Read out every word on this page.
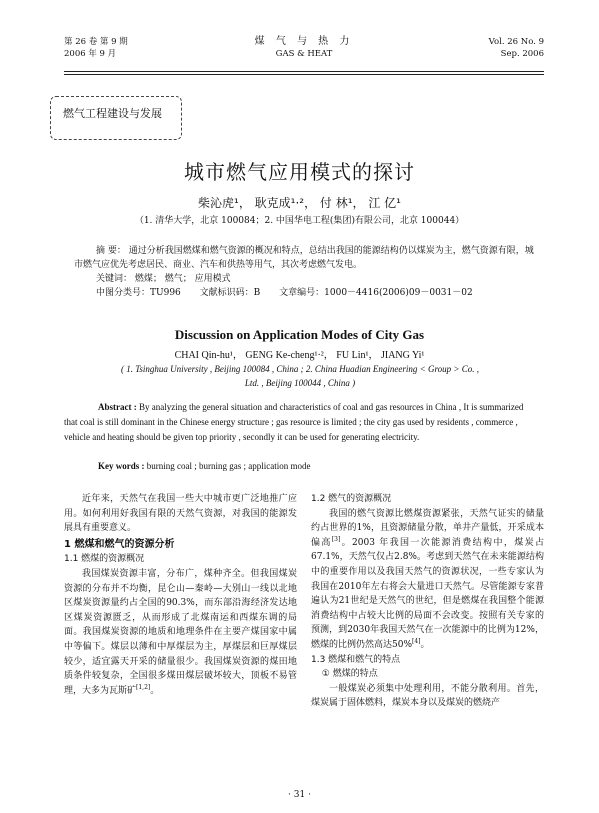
第 26 卷 第 9 期
2006 年 9 月
煤 气 与 热 力
GAS & HEAT
Vol. 26 No. 9
Sep. 2006
燃气工程建设与发展
城市燃气应用模式的探讨
柴沁虎¹， 耿克成¹·²， 付 林¹， 江 亿¹
（1. 清华大学，北京 100084；2. 中国华电工程(集团)有限公司，北京 100044）
摘 要： 通过分析我国燃煤和燃气资源的概况和特点，总结出我国的能源结构仍以煤炭为主，燃气资源有限，城市燃气应优先考虑居民、商业、汽车和供热等用气，其次考虑燃气发电。
关键词： 燃煤； 燃气； 应用模式
中图分类号：TU996 文献标识码：B 文章编号：1000－4416(2006)09－0031－02
Discussion on Application Modes of City Gas
CHAI Qin-hu¹， GENG Ke-cheng¹·²， FU Lin¹， JIANG Yi¹
( 1. Tsinghua University , Beijing 100084 , China ; 2. China Huadian Engineering < Group > Co. ,
Ltd. , Beijing 100044 , China )
Abstract : By analyzing the general situation and characteristics of coal and gas resources in China , It is summarized that coal is still dominant in the Chinese energy structure ; gas resource is limited ; the city gas used by residents , commerce , vehicle and heating should be given top priority , secondly it can be used for generating electricity.
Key words : burning coal ; burning gas ; application mode

近年来，天然气在我国一些大中城市更广泛地推广应用。如何利用好我国有限的天然气资源，对我国的能源发展具有重要意义。

1 燃煤和燃气的资源分析

1.1 燃煤的资源概况

我国煤炭资源丰富，分布广，煤种齐全。但我国煤炭资源的分布并不均衡，昆仑山—秦岭—大别山一线以北地区煤炭资源量约占全国的90.3%，而东部沿海经济发达地区煤炭资源匮乏，从而形成了北煤南运和西煤东调的局面。我国煤炭资源的地质和地理条件在主要产煤国家中属中等偏下。煤层以薄和中厚煤层为主，厚煤层和巨厚煤层较少，适宜露天开采的储量很少。我国煤炭资源的煤田地质条件较复杂，全国很多煤田煤层破坏较大，顶板不易管理，大多为瓦斯矿[1,2]。

1.2 燃气的资源概况

我国的燃气资源比燃煤资源紧张，天然气证实的储量约占世界的1%，且资源储量分散，单井产量低，开采成本偏高[3]。2003 年我国一次能源消费结构中，煤炭占67.1%，天然气仅占2.8%。考虑到天然气在未来能源结构中的重要作用以及我国天然气的资源状况，一些专家认为我国在2010年左右将会大量进口天然气。尽管能源专家普遍认为21世纪是天然气的世纪，但是燃煤在我国整个能源消费结构中占较大比例的局面不会改变。按照有关专家的预测，到2030年我国天然气在一次能源中的比例为12%，燃煤的比例仍然高达50%[4]。

1.3 燃煤和燃气的特点

① 燃煤的特点

一般煤炭必须集中处理利用，不能分散利用。首先，煤炭属于固体燃料，煤炭本身以及煤炭的燃烧产

· 31 ·
